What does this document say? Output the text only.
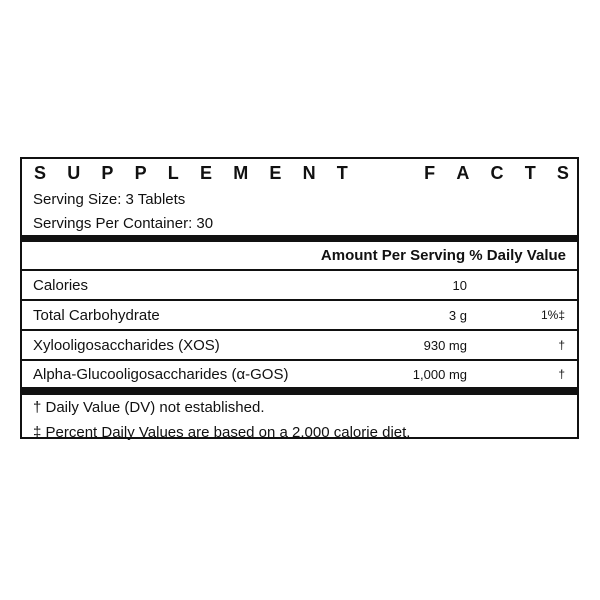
S U P P L E M E N T	F A C T S
Serving Size: 3 Tablets
Servings Per Container: 30
Amount Per Serving % Daily Value
Calories	10
Total Carbohydrate	3 g	1%‡
Xylooligosaccharides (XOS)	930 mg	†
Alpha-Glucooligosaccharides (α-GOS)	1,000 mg	†
† Daily Value (DV) not established.
‡ Percent Daily Values are based on a 2,000 calorie diet.
